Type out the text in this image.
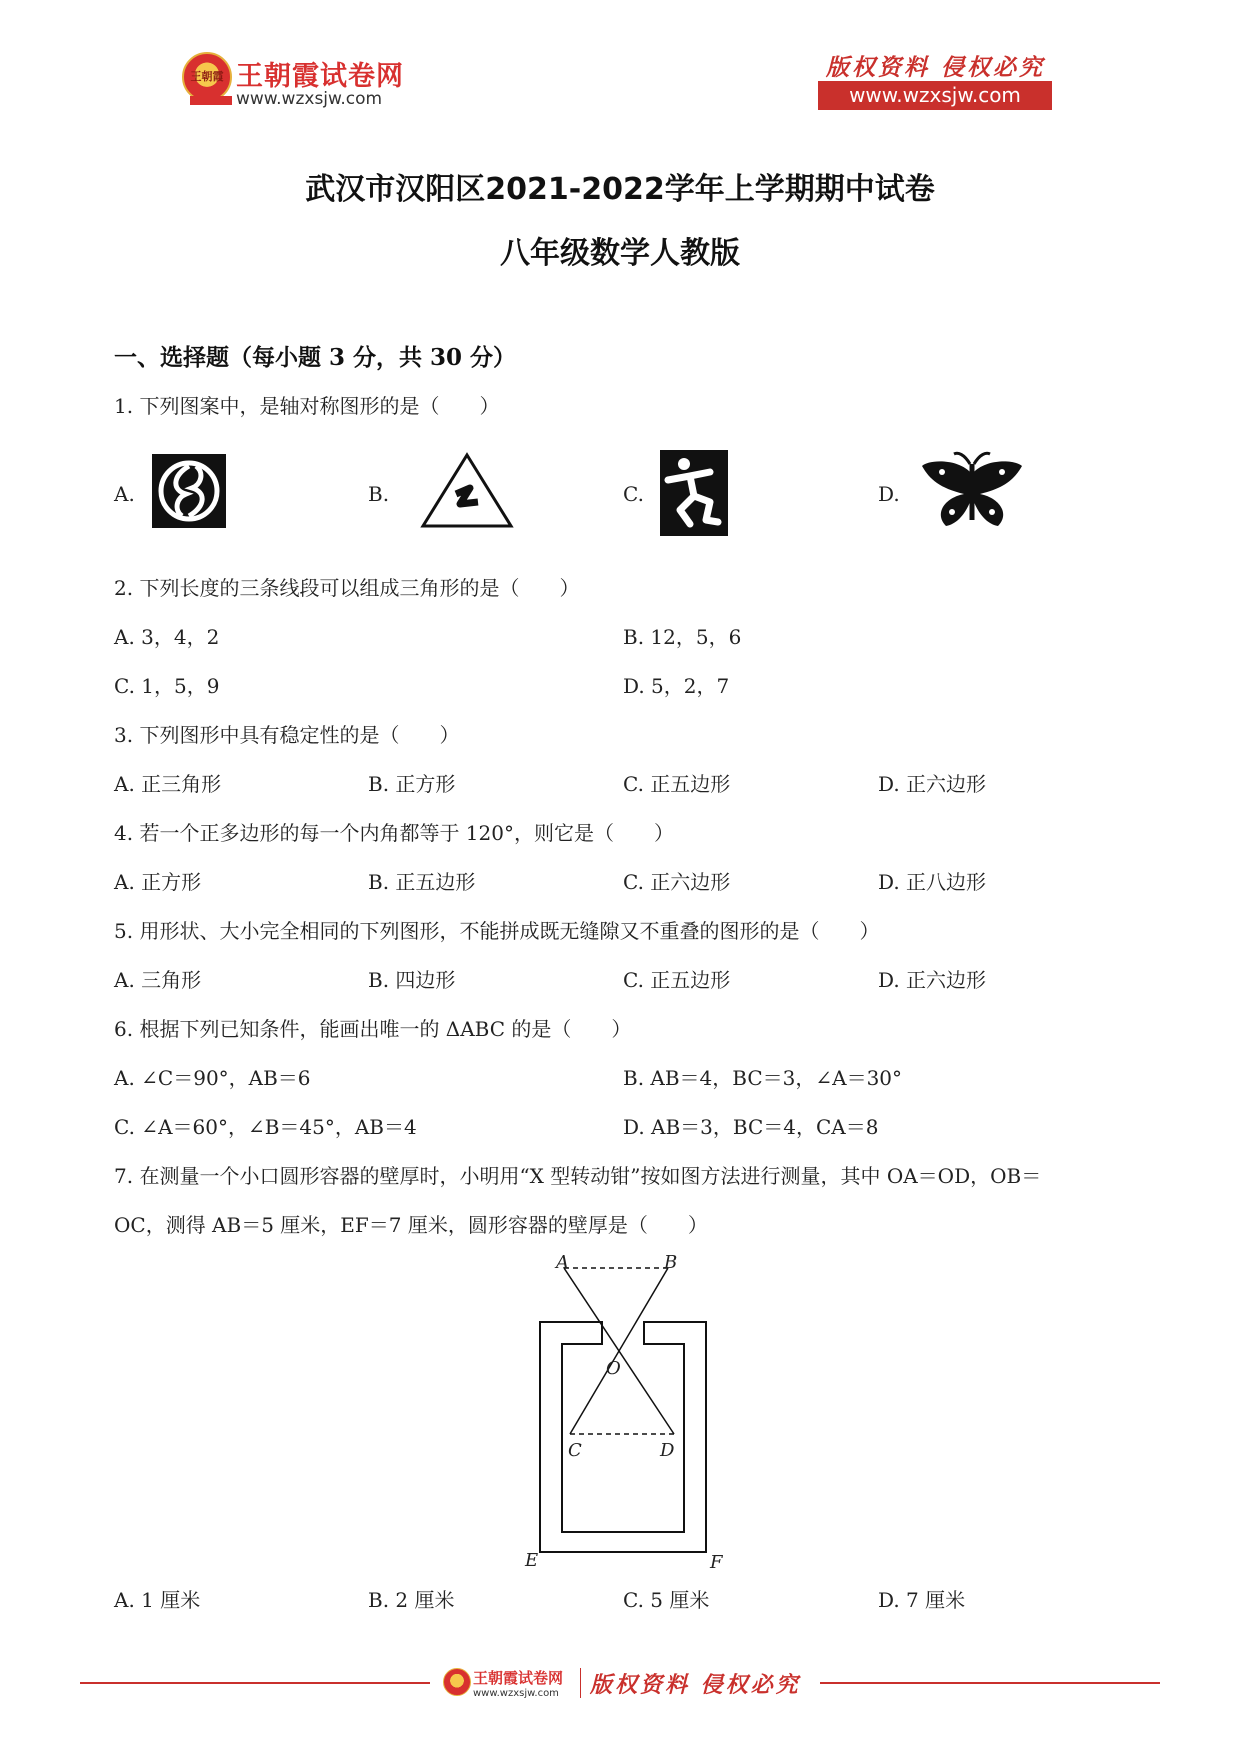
王朝霞 王朝霞试卷网
www.wzxsjw.com
版权资料 侵权必究
www.wzxsjw.com
武汉市汉阳区2021-2022学年上学期期中试卷
八年级数学人教版
一、选择题（每小题 3 分，共 30 分）
1. 下列图案中，是轴对称图形的是（　　）
A.	B.	C.	D.
2. 下列长度的三条线段可以组成三角形的是（　　）
A. 3，4，2	B. 12，5，6
C. 1，5，9	D. 5，2，7
3. 下列图形中具有稳定性的是（　　）
A. 正三角形	B. 正方形	C. 正五边形	D. 正六边形
4. 若一个正多边形的每一个内角都等于 120°，则它是（　　）
A. 正方形	B. 正五边形	C. 正六边形	D. 正八边形
5. 用形状、大小完全相同的下列图形，不能拼成既无缝隙又不重叠的图形的是（　　）
A. 三角形	B. 四边形	C. 正五边形	D. 正六边形
6. 根据下列已知条件，能画出唯一的 ΔABC 的是（　　）
A. ∠C＝90°，AB＝6	B. AB＝4，BC＝3，∠A＝30°
C. ∠A＝60°，∠B＝45°，AB＝4	D. AB＝3，BC＝4，CA＝8
7. 在测量一个小口圆形容器的壁厚时，小明用“X 型转动钳”按如图方法进行测量，其中 OA＝OD，OB＝
OC，测得 AB＝5 厘米，EF＝7 厘米，圆形容器的壁厚是（　　）
A	B
O
C	D
E	F
A. 1 厘米	B. 2 厘米	C. 5 厘米	D. 7 厘米
王朝霞试卷网
www.wzxsjw.com 版权资料 侵权必究
